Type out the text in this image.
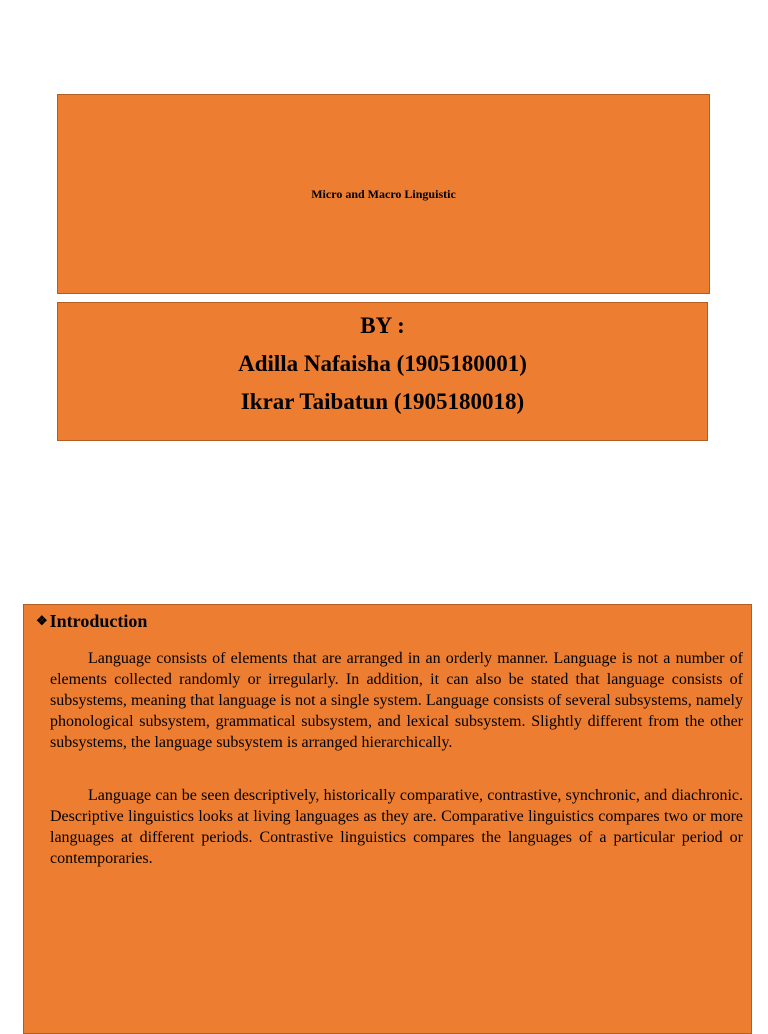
Micro and Macro Linguistic

BY :

Adilla Nafaisha (1905180001)

Ikrar Taibatun (1905180018)

❖ Introduction

Language consists of elements that are arranged in an orderly manner. Language is not a number of elements collected randomly or irregularly. In addition, it can also be stated that language consists of subsystems, meaning that language is not a single system. Language consists of several subsystems, namely phonological subsystem, grammatical subsystem, and lexical subsystem. Slightly different from the other subsystems, the language subsystem is arranged hierarchically.

Language can be seen descriptively, historically comparative, contrastive, synchronic, and diachronic. Descriptive linguistics looks at living languages as they are. Comparative linguistics compares two or more languages at different periods. Contrastive linguistics compares the languages of a particular period or contemporaries.
